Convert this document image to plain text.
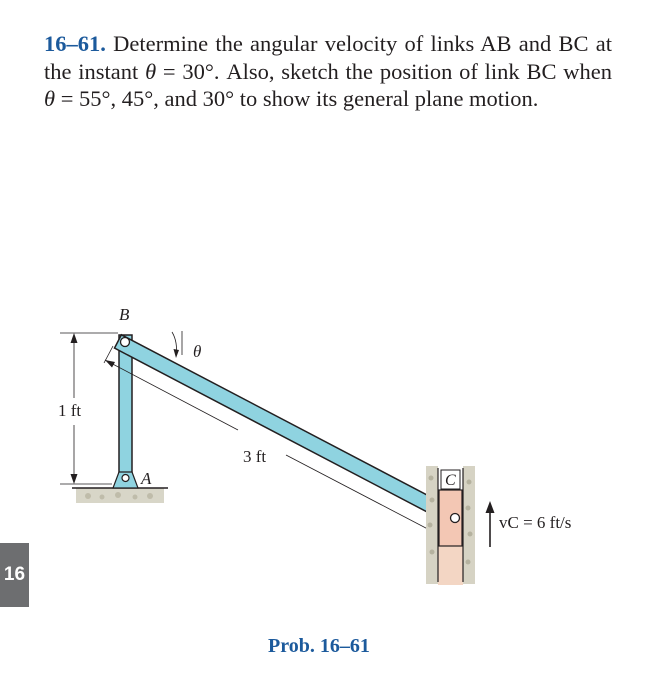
16–61. Determine the angular velocity of links AB and BC at the instant θ = 30°. Also, sketch the position of link BC when θ = 55°, 45°, and 30° to show its general plane motion.
1 ft
A
θ
3 ft
C
vC = 6 ft/s
B
16
Prob. 16–61
